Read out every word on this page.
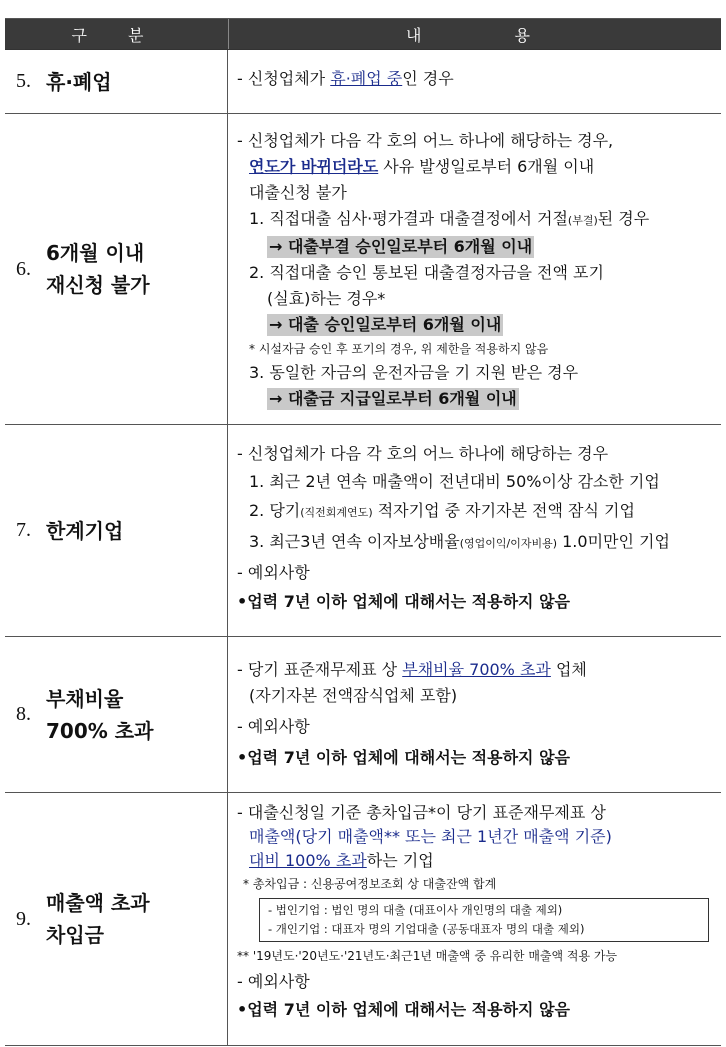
구 분	내 용
5. 휴·폐업	- 신청업체가 휴·폐업 중인 경우
6.
6개월 이내
재신청 불가
- 신청업체가 다음 각 호의 어느 하나에 해당하는 경우,
연도가 바뀌더라도 사유 발생일로부터 6개월 이내
대출신청 불가
1. 직접대출 심사·평가결과 대출결정에서 거절(부결)된 경우
→ 대출부결 승인일로부터 6개월 이내
2. 직접대출 승인 통보된 대출결정자금을 전액 포기
(실효)하는 경우*
→ 대출 승인일로부터 6개월 이내
* 시설자금 승인 후 포기의 경우, 위 제한을 적용하지 않음
3. 동일한 자금의 운전자금을 기 지원 받은 경우
→ 대출금 지급일로부터 6개월 이내
7. 한계기업
- 신청업체가 다음 각 호의 어느 하나에 해당하는 경우
1. 최근 2년 연속 매출액이 전년대비 50%이상 감소한 기업
2. 당기(직전회계연도) 적자기업 중 자기자본 전액 잠식 기업
3. 최근3년 연속 이자보상배율(영업이익/이자비용) 1.0미만인 기업
- 예외사항
•업력 7년 이하 업체에 대해서는 적용하지 않음
8.
부채비율
700% 초과
- 당기 표준재무제표 상 부채비율 700% 초과 업체
(자기자본 전액잠식업체 포함)
- 예외사항
•업력 7년 이하 업체에 대해서는 적용하지 않음
9.
매출액 초과
차입금
- 대출신청일 기준 총차입금*이 당기 표준재무제표 상
매출액(당기 매출액** 또는 최근 1년간 매출액 기준)
대비 100% 초과하는 기업
* 총차입금 : 신용공여정보조회 상 대출잔액 합계
- 법인기업 : 법인 명의 대출 (대표이사 개인명의 대출 제외)
- 개인기업 : 대표자 명의 기업대출 (공동대표자 명의 대출 제외)
** '19년도·'20년도·'21년도·최근1년 매출액 중 유리한 매출액 적용 가능
- 예외사항
•업력 7년 이하 업체에 대해서는 적용하지 않음
